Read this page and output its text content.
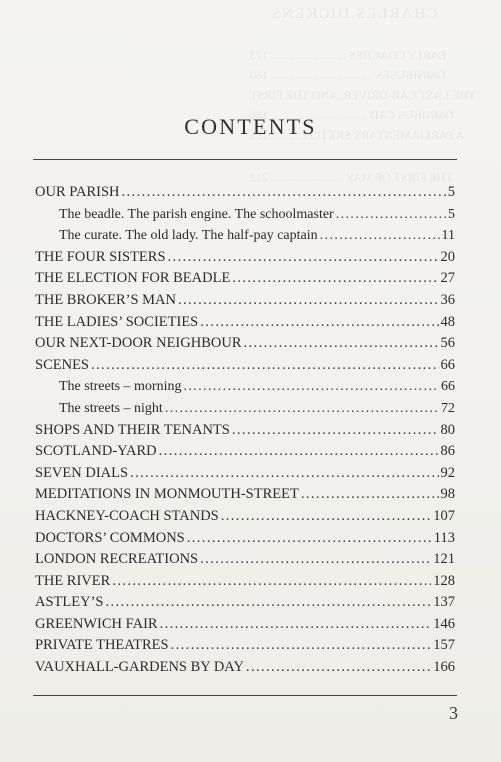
CHARLES DICKENS
EARLY COACHES ......................... 173
OMNIBUSES .................................. 180
THE LAST CAB-DRIVER, AND THE FIRST
OMNIBUS CAD ................................ 186
A PARLIAMENTARY SKETCH .......... 195
THE FIRST OF MAY ........................ 212
CONTENTS
OUR PARISH .....	5
The beadle. The parish engine. The schoolmaster .....	5
The curate. The old lady. The half-pay captain .....	11
THE FOUR SISTERS .....	20
THE ELECTION FOR BEADLE .....	27
THE BROKER’S MAN .....	36
THE LADIES’ SOCIETIES .....	48
OUR NEXT-DOOR NEIGHBOUR .....	56
SCENES .....	66
The streets – morning .....	66
The streets – night .....	72
SHOPS AND THEIR TENANTS .....	80
SCOTLAND-YARD .....	86
SEVEN DIALS .....	92
MEDITATIONS IN MONMOUTH-STREET .....	98
HACKNEY-COACH STANDS .....	107
DOCTORS’ COMMONS .....	113
LONDON RECREATIONS .....	121
THE RIVER .....	128
ASTLEY’S .....	137
GREENWICH FAIR .....	146
PRIVATE THEATRES .....	157
VAUXHALL-GARDENS BY DAY .....	166
3
